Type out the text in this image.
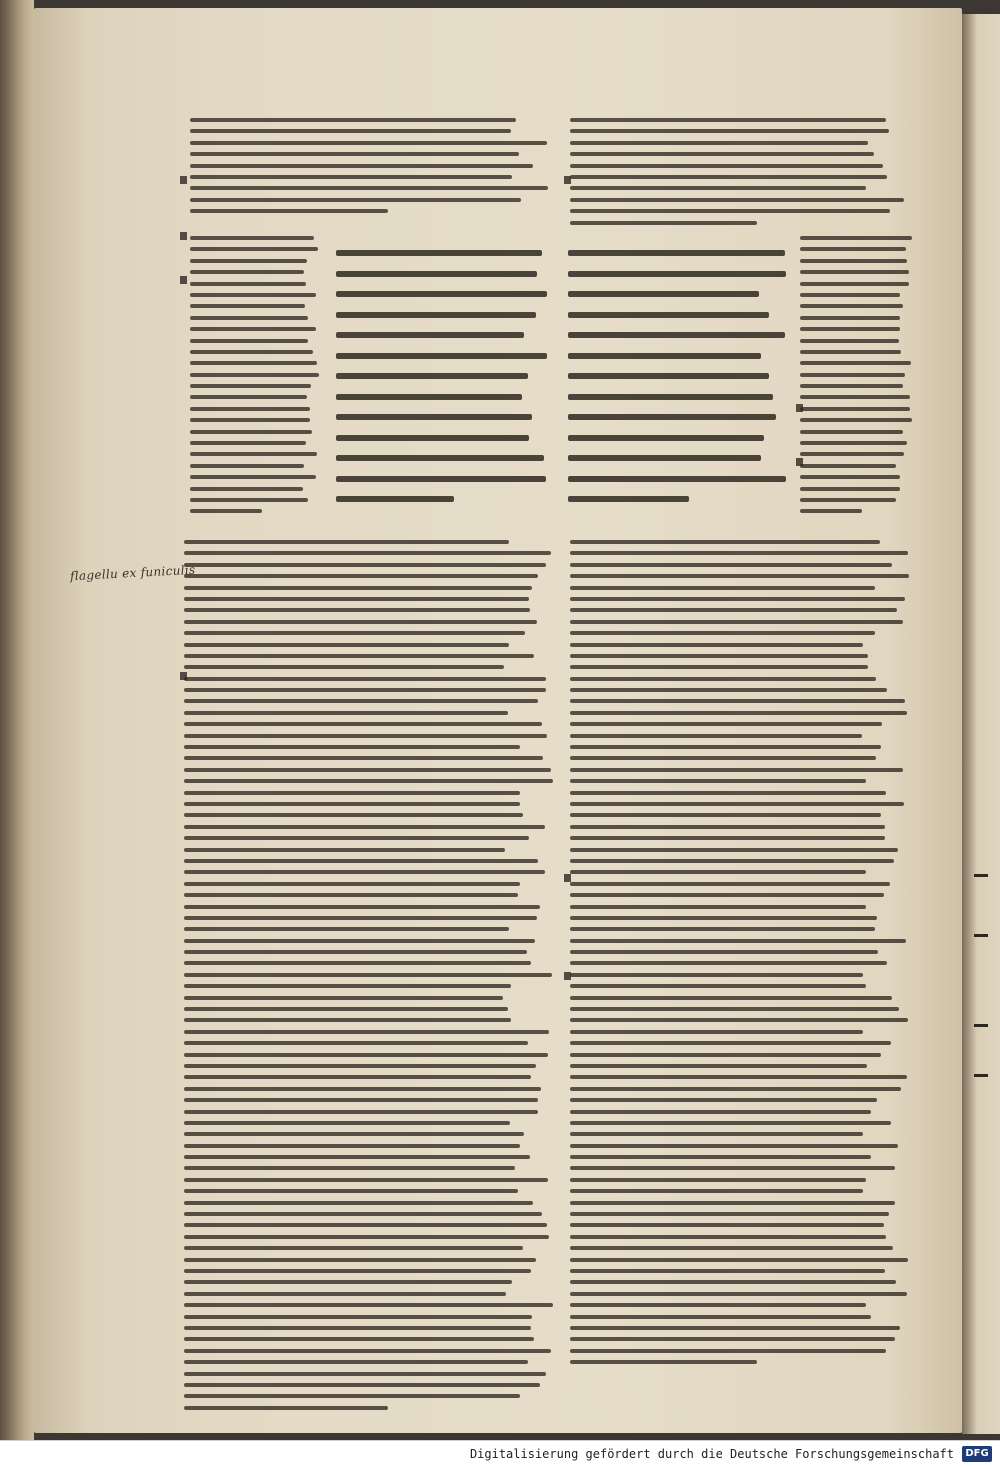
flagellu ex funiculis
Digitalisierung gefördert durch die Deutsche Forschungsgemeinschaft	DFG
